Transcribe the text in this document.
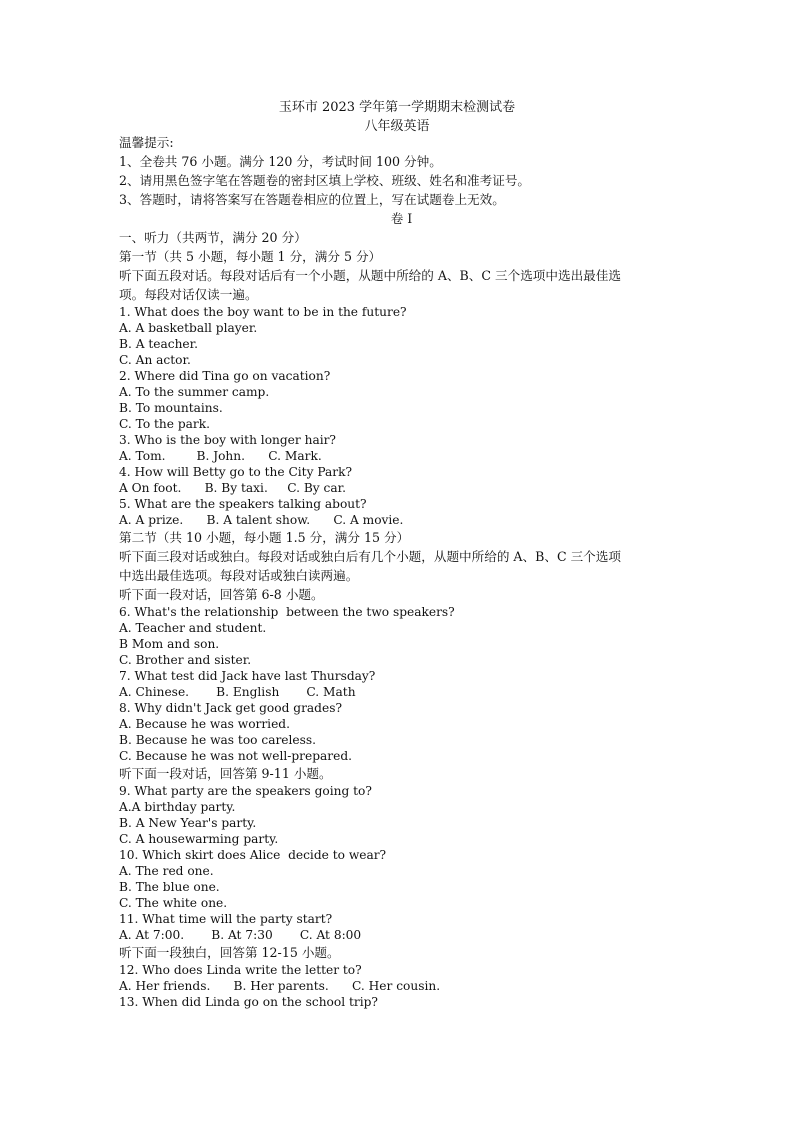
玉环市 2023 学年第一学期期末检测试卷
八年级英语
温馨提示:
1、全卷共 76 小题。满分 120 分，考试时间 100 分钟。
2、请用黑色签字笔在答题卷的密封区填上学校、班级、姓名和准考证号。
3、答题时，请将答案写在答题卷相应的位置上，写在试题卷上无效。
卷 I
一、听力（共两节，满分 20 分）
第一节（共 5 小题，每小题 1 分，满分 5 分）
听下面五段对话。每段对话后有一个小题，从题中所给的 A、B、C 三个选项中选出最佳选
项。每段对话仅读一遍。
1. What does the boy want to be in the future?
A. A basketball player.
B. A teacher.
C. An actor.
2. Where did Tina go on vacation?
A. To the summer camp.
B. To mountains.
C. To the park.
3. Who is the boy with longer hair?
A. Tom.        B. John.      C. Mark.
4. How will Betty go to the City Park?
A On foot.      B. By taxi.     C. By car.
5. What are the speakers talking about?
A. A prize.      B. A talent show.      C. A movie.
第二节（共 10 小题，每小题 1.5 分，满分 15 分）
听下面三段对话或独白。每段对话或独白后有几个小题，从题中所给的 A、B、C 三个选项
中选出最佳选项。每段对话或独白读两遍。
听下面一段对话，回答第 6-8 小题。
6. What's the relationship  between the two speakers?
A. Teacher and student.
B Mom and son.
C. Brother and sister.
7. What test did Jack have last Thursday?
A. Chinese.       B. English       C. Math
8. Why didn't Jack get good grades?
A. Because he was worried.
B. Because he was too careless.
C. Because he was not well-prepared.
听下面一段对话，回答第 9-11 小题。
9. What party are the speakers going to?
A.A birthday party.
B. A New Year's party.
C. A housewarming party.
10. Which skirt does Alice  decide to wear?
A. The red one.
B. The blue one.
C. The white one.
11. What time will the party start?
A. At 7:00.       B. At 7:30       C. At 8:00
听下面一段独白，回答第 12-15 小题。
12. Who does Linda write the letter to?
A. Her friends.      B. Her parents.      C. Her cousin.
13. When did Linda go on the school trip?
